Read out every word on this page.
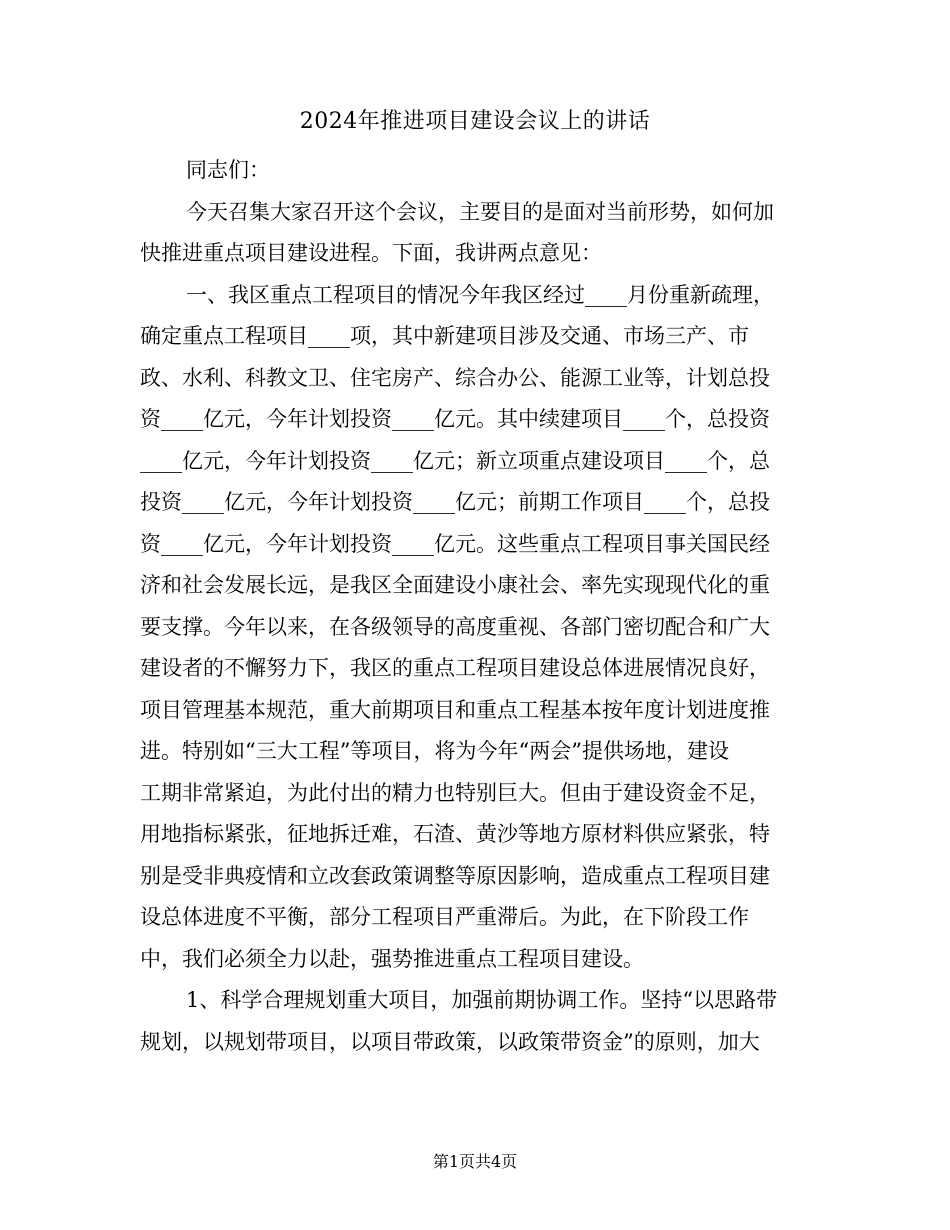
2024年推进项目建设会议上的讲话
同志们：
今天召集大家召开这个会议，主要目的是面对当前形势，如何加
快推进重点项目建设进程。下面，我讲两点意见：
一、我区重点工程项目的情况今年我区经过____月份重新疏理，
确定重点工程项目____项，其中新建项目涉及交通、市场三产、市
政、水利、科教文卫、住宅房产、综合办公、能源工业等，计划总投
资____亿元，今年计划投资____亿元。其中续建项目____个，总投资
____亿元，今年计划投资____亿元；新立项重点建设项目____个，总
投资____亿元，今年计划投资____亿元；前期工作项目____个，总投
资____亿元，今年计划投资____亿元。这些重点工程项目事关国民经
济和社会发展长远，是我区全面建设小康社会、率先实现现代化的重
要支撑。今年以来，在各级领导的高度重视、各部门密切配合和广大
建设者的不懈努力下，我区的重点工程项目建设总体进展情况良好，
项目管理基本规范，重大前期项目和重点工程基本按年度计划进度推
进。特别如“三大工程”等项目，将为今年“两会”提供场地，建设
工期非常紧迫，为此付出的精力也特别巨大。但由于建设资金不足，
用地指标紧张，征地拆迁难，石渣、黄沙等地方原材料供应紧张，特
别是受非典疫情和立改套政策调整等原因影响，造成重点工程项目建
设总体进度不平衡，部分工程项目严重滞后。为此，在下阶段工作
中，我们必须全力以赴，强势推进重点工程项目建设。
1、科学合理规划重大项目，加强前期协调工作。坚持“以思路带
规划，以规划带项目，以项目带政策，以政策带资金”的原则，加大
第1页共4页
